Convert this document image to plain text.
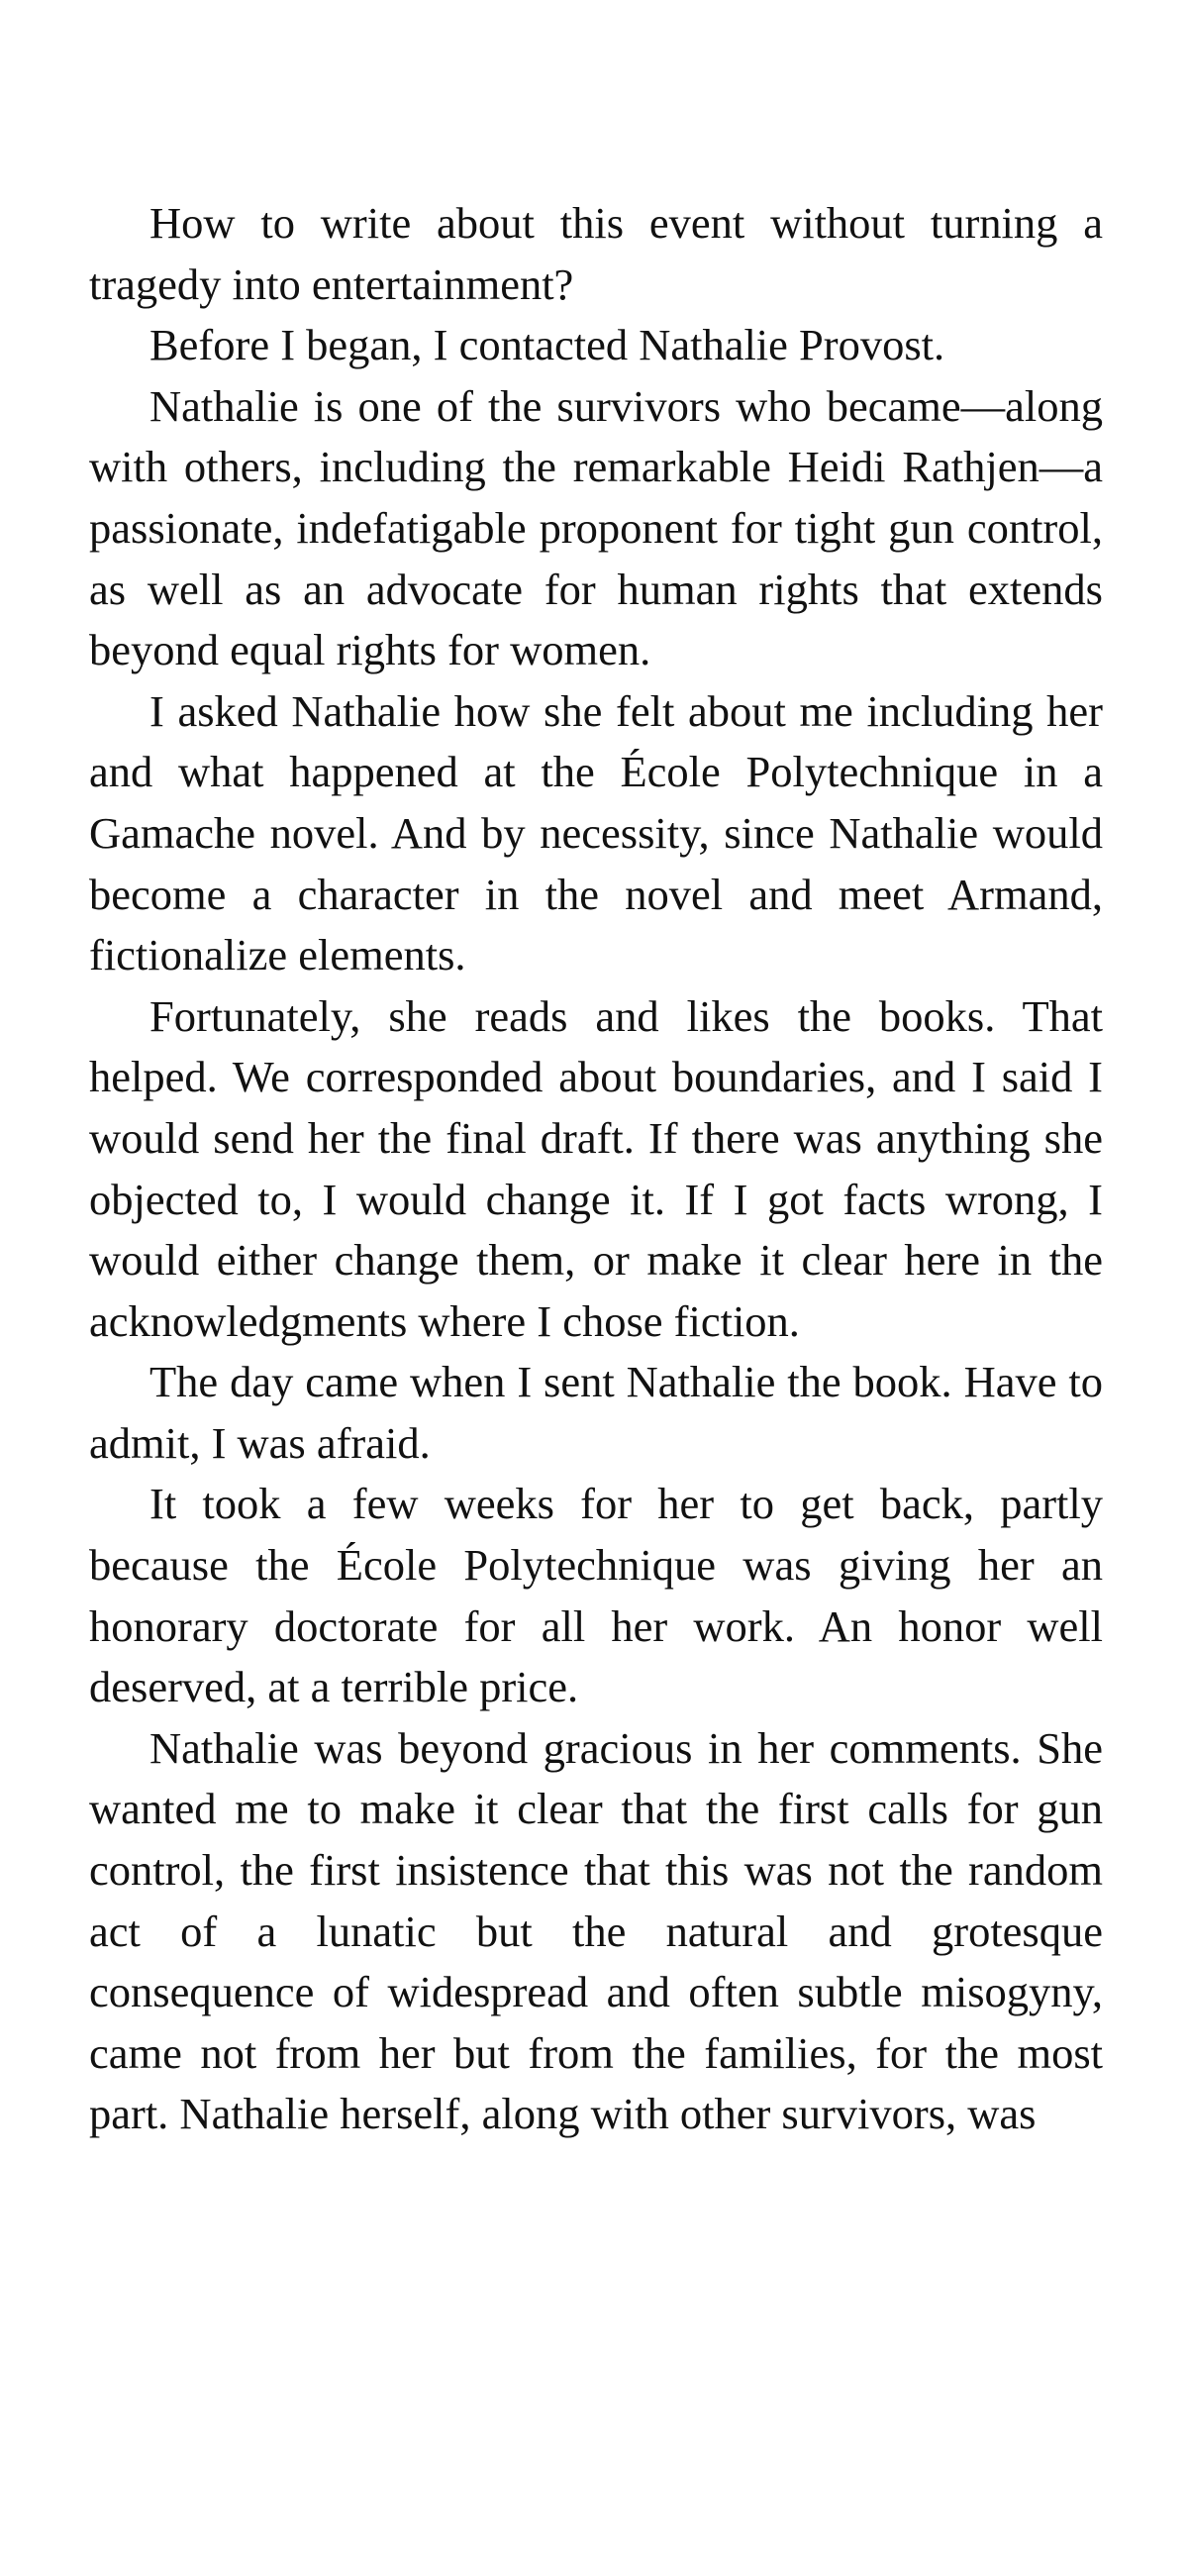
How to write about this event without turning a tragedy into entertainment?

Before I began, I contacted Nathalie Provost.

Nathalie is one of the survivors who became—along with others, including the remarkable Heidi Rathjen—a passionate, indefatigable proponent for tight gun control, as well as an advocate for human rights that extends beyond equal rights for women.

I asked Nathalie how she felt about me including her and what happened at the École Polytechnique in a Gamache novel. And by necessity, since Nathalie would become a character in the novel and meet Armand, fictionalize elements.

Fortunately, she reads and likes the books. That helped. We corresponded about boundaries, and I said I would send her the final draft. If there was anything she objected to, I would change it. If I got facts wrong, I would either change them, or make it clear here in the acknowledgments where I chose fiction.

The day came when I sent Nathalie the book. Have to admit, I was afraid.

It took a few weeks for her to get back, partly because the École Polytechnique was giving her an honorary doctorate for all her work. An honor well deserved, at a terrible price.

Nathalie was beyond gracious in her comments. She wanted me to make it clear that the first calls for gun control, the first insistence that this was not the random act of a lunatic but the natural and grotesque consequence of widespread and often subtle misogyny, came not from her but from the families, for the most part. Nathalie herself, along with other survivors, was
